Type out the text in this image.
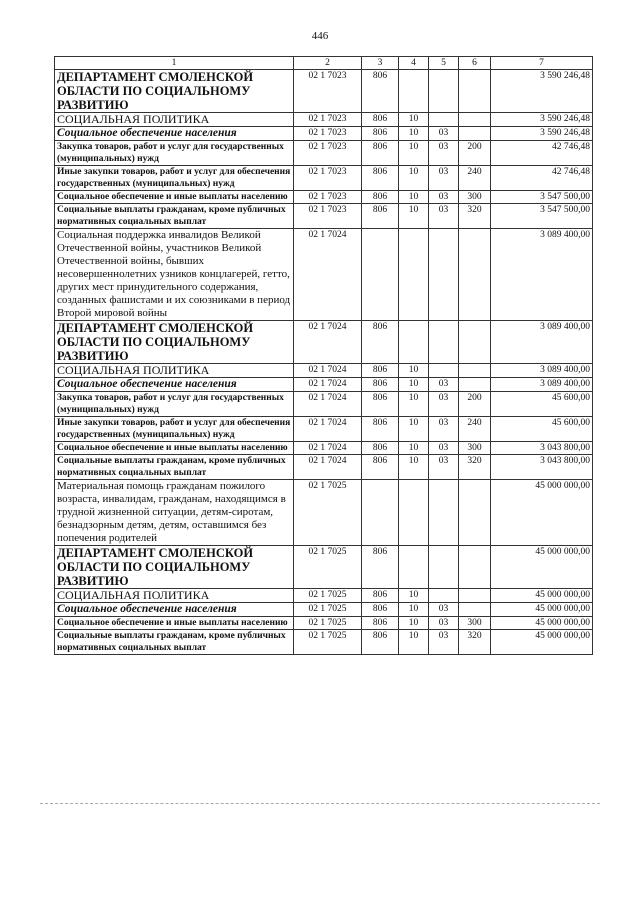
446
1	2	3	4	5	6	7
ДЕПАРТАМЕНТ СМОЛЕНСКОЙ ОБЛАСТИ ПО СОЦИАЛЬНОМУ РАЗВИТИЮ	02 1 7023	806				3 590 246,48
СОЦИАЛЬНАЯ ПОЛИТИКА	02 1 7023	806	10			3 590 246,48
Социальное обеспечение населения	02 1 7023	806	10	03		3 590 246,48
Закупка товаров, работ и услуг для государственных (муниципальных) нужд	02 1 7023	806	10	03	200	42 746,48
Иные закупки товаров, работ и услуг для обеспечения государственных (муниципальных) нужд	02 1 7023	806	10	03	240	42 746,48
Социальное обеспечение и иные выплаты населению	02 1 7023	806	10	03	300	3 547 500,00
Социальные выплаты гражданам, кроме публичных нормативных социальных выплат	02 1 7023	806	10	03	320	3 547 500,00
Социальная поддержка инвалидов Великой Отечественной войны, участников Великой Отечественной войны, бывших несовершеннолетних узников концлагерей, гетто, других мест принудительного содержания, созданных фашистами и их союзниками в период Второй мировой войны	02 1 7024					3 089 400,00
ДЕПАРТАМЕНТ СМОЛЕНСКОЙ ОБЛАСТИ ПО СОЦИАЛЬНОМУ РАЗВИТИЮ	02 1 7024	806				3 089 400,00
СОЦИАЛЬНАЯ ПОЛИТИКА	02 1 7024	806	10			3 089 400,00
Социальное обеспечение населения	02 1 7024	806	10	03		3 089 400,00
Закупка товаров, работ и услуг для государственных (муниципальных) нужд	02 1 7024	806	10	03	200	45 600,00
Иные закупки товаров, работ и услуг для обеспечения государственных (муниципальных) нужд	02 1 7024	806	10	03	240	45 600,00
Социальное обеспечение и иные выплаты населению	02 1 7024	806	10	03	300	3 043 800,00
Социальные выплаты гражданам, кроме публичных нормативных социальных выплат	02 1 7024	806	10	03	320	3 043 800,00
Материальная помощь гражданам пожилого возраста, инвалидам, гражданам, находящимся в трудной жизненной ситуации, детям-сиротам, безнадзорным детям, детям, оставшимся без попечения родителей	02 1 7025					45 000 000,00
ДЕПАРТАМЕНТ СМОЛЕНСКОЙ ОБЛАСТИ ПО СОЦИАЛЬНОМУ РАЗВИТИЮ	02 1 7025	806				45 000 000,00
СОЦИАЛЬНАЯ ПОЛИТИКА	02 1 7025	806	10			45 000 000,00
Социальное обеспечение населения	02 1 7025	806	10	03		45 000 000,00
Социальное обеспечение и иные выплаты населению	02 1 7025	806	10	03	300	45 000 000,00
Социальные выплаты гражданам, кроме публичных нормативных социальных выплат	02 1 7025	806	10	03	320	45 000 000,00
